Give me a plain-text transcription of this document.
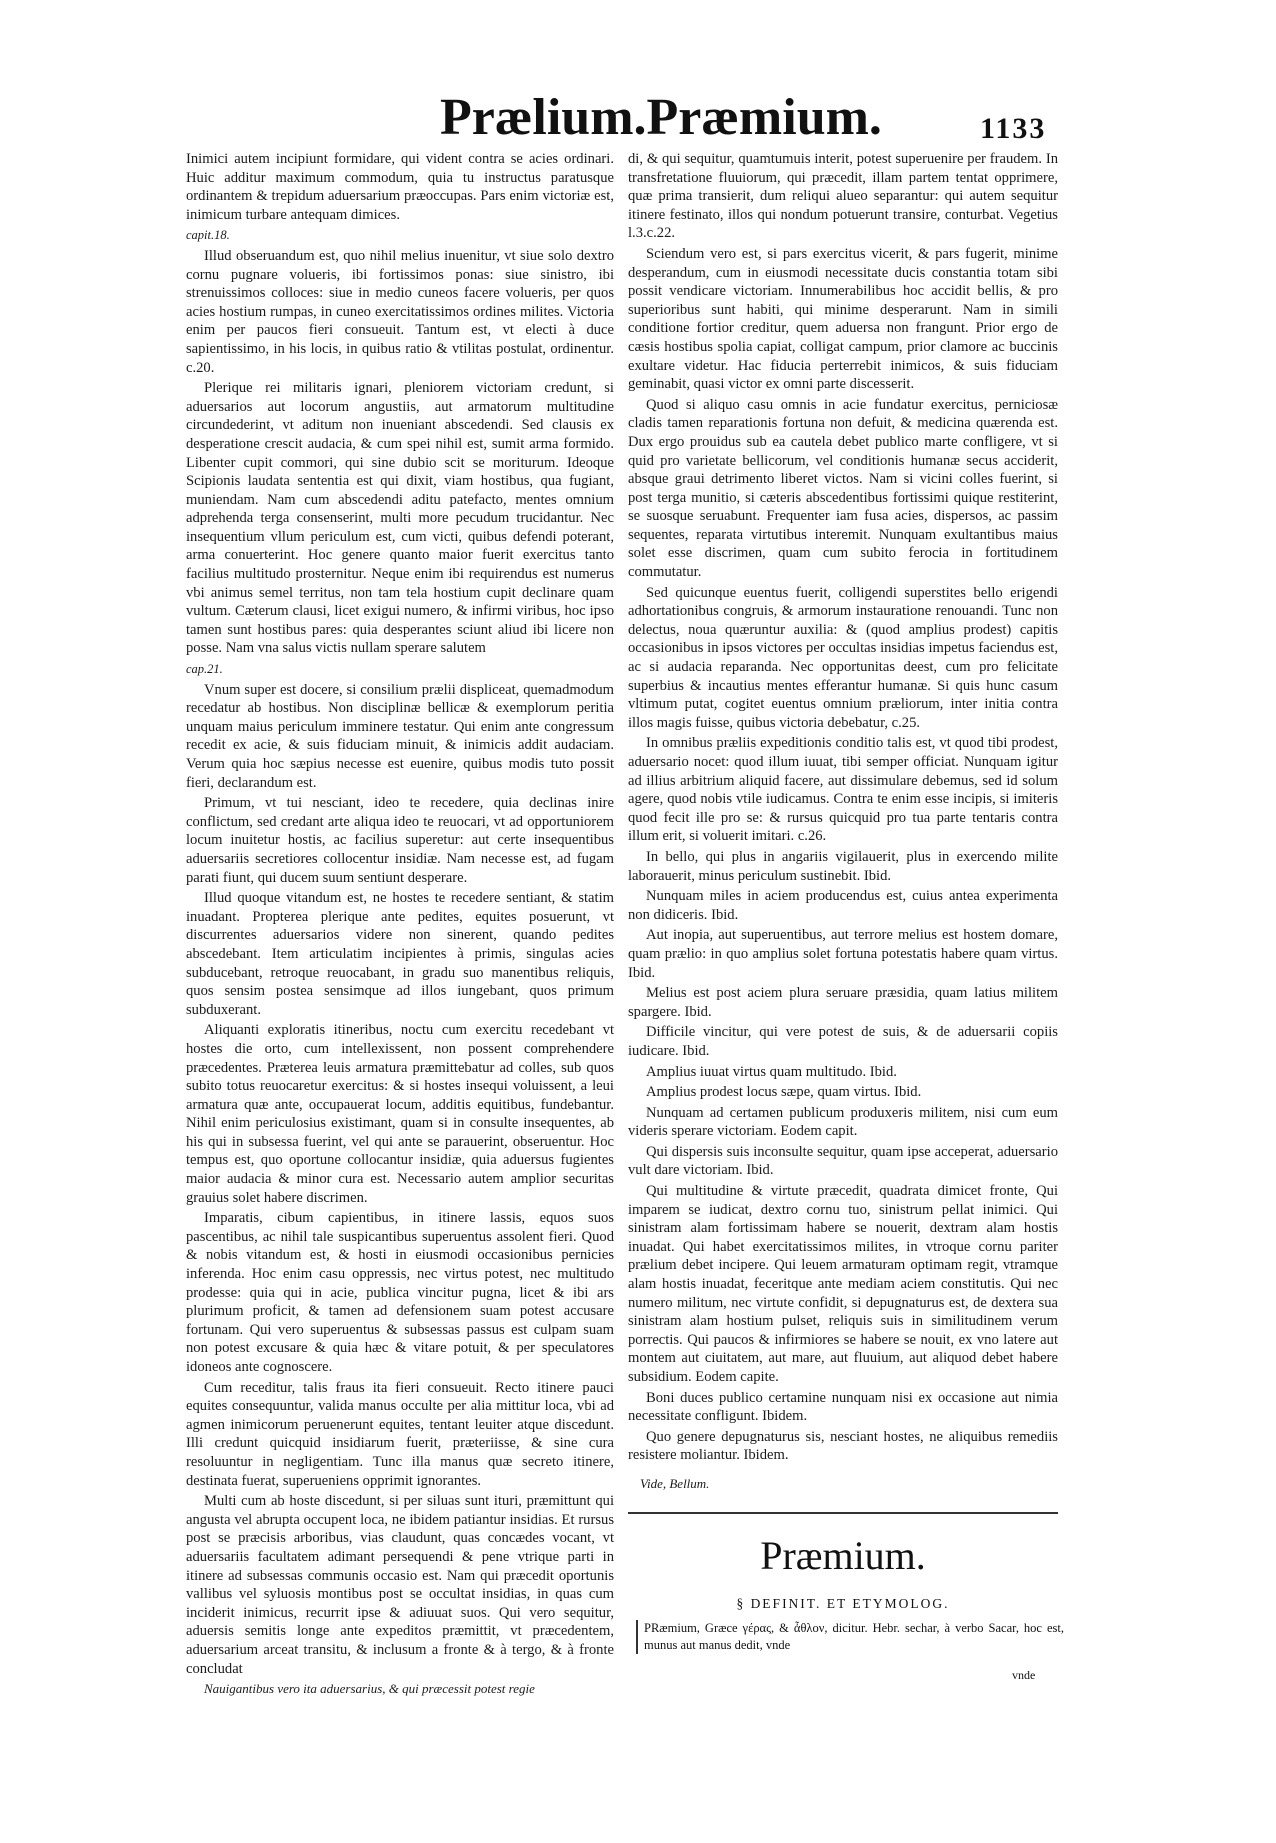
Prælium.Præmium.	1133

Inimici autem incipiunt formidare, qui vident contra se acies ordinari. Huic additur maximum commodum, quia tu instructus paratusque ordinantem & trepidum aduersarium præoccupas. Pars enim victoriæ est, inimicum turbare antequam dimices.

capit.18.

Illud obseruandum est, quo nihil melius inuenitur, vt siue solo dextro cornu pugnare volueris, ibi fortissimos ponas: siue sinistro, ibi strenuissimos colloces: siue in medio cuneos facere volueris, per quos acies hostium rumpas, in cuneo exercitatissimos ordines milites. Victoria enim per paucos fieri consueuit. Tantum est, vt electi à duce sapientissimo, in his locis, in quibus ratio & vtilitas postulat, ordinentur. c.20.

Plerique rei militaris ignari, pleniorem victoriam credunt, si aduersarios aut locorum angustiis, aut armatorum multitudine circundederint, vt aditum non inueniant abscedendi. Sed clausis ex desperatione crescit audacia, & cum spei nihil est, sumit arma formido. Libenter cupit commori, qui sine dubio scit se moriturum. Ideoque Scipionis laudata sententia est qui dixit, viam hostibus, qua fugiant, muniendam. Nam cum abscedendi aditu patefacto, mentes omnium adprehenda terga consenserint, multi more pecudum trucidantur. Nec insequentium vllum periculum est, cum victi, quibus defendi poterant, arma conuerterint. Hoc genere quanto maior fuerit exercitus tanto facilius multitudo prosternitur. Neque enim ibi requirendus est numerus vbi animus semel territus, non tam tela hostium cupit declinare quam vultum. Cæterum clausi, licet exigui numero, & infirmi viribus, hoc ipso tamen sunt hostibus pares: quia desperantes sciunt aliud ibi licere non posse. Nam vna salus victis nullam sperare salutem

cap.21.

Vnum super est docere, si consilium prælii displiceat, quemadmodum recedatur ab hostibus. Non disciplinæ bellicæ & exemplorum peritia unquam maius periculum imminere testatur. Qui enim ante congressum recedit ex acie, & suis fiduciam minuit, & inimicis addit audaciam. Verum quia hoc sæpius necesse est euenire, quibus modis tuto possit fieri, declarandum est.

Primum, vt tui nesciant, ideo te recedere, quia declinas inire conflictum, sed credant arte aliqua ideo te reuocari, vt ad opportuniorem locum inuitetur hostis, ac facilius superetur: aut certe insequentibus aduersariis secretiores collocentur insidiæ. Nam necesse est, ad fugam parati fiunt, qui ducem suum sentiunt desperare.

Illud quoque vitandum est, ne hostes te recedere sentiant, & statim inuadant. Propterea plerique ante pedites, equites posuerunt, vt discurrentes aduersarios videre non sinerent, quando pedites abscedebant. Item articulatim incipientes à primis, singulas acies subducebant, retroque reuocabant, in gradu suo manentibus reliquis, quos sensim postea sensimque ad illos iungebant, quos primum subduxerant.

Aliquanti exploratis itineribus, noctu cum exercitu recedebant vt hostes die orto, cum intellexissent, non possent comprehendere præcedentes. Præterea leuis armatura præmittebatur ad colles, sub quos subito totus reuocaretur exercitus: & si hostes insequi voluissent, a leui armatura quæ ante, occupauerat locum, additis equitibus, fundebantur. Nihil enim periculosius existimant, quam si in consulte insequentes, ab his qui in subsessa fuerint, vel qui ante se parauerint, obseruentur. Hoc tempus est, quo oportune collocantur insidiæ, quia aduersus fugientes maior audacia & minor cura est. Necessario autem amplior securitas grauius solet habere discrimen.

Imparatis, cibum capientibus, in itinere lassis, equos suos pascentibus, ac nihil tale suspicantibus superuentus assolent fieri. Quod & nobis vitandum est, & hosti in eiusmodi occasionibus pernicies inferenda. Hoc enim casu oppressis, nec virtus potest, nec multitudo prodesse: quia qui in acie, publica vincitur pugna, licet & ibi ars plurimum proficit, & tamen ad defensionem suam potest accusare fortunam. Qui vero superuentus & subsessas passus est culpam suam non potest excusare & quia hæc & vitare potuit, & per speculatores idoneos ante cognoscere.

Cum receditur, talis fraus ita fieri consueuit. Recto itinere pauci equites consequuntur, valida manus occulte per alia mittitur loca, vbi ad agmen inimicorum peruenerunt equites, tentant leuiter atque discedunt. Illi credunt quicquid insidiarum fuerit, præteriisse, & sine cura resoluuntur in negligentiam. Tunc illa manus quæ secreto itinere, destinata fuerat, superueniens opprimit ignorantes.

Multi cum ab hoste discedunt, si per siluas sunt ituri, præmittunt qui angusta vel abrupta occupent loca, ne ibidem patiantur insidias. Et rursus post se præcisis arboribus, vias claudunt, quas concædes vocant, vt aduersariis facultatem adimant persequendi & pene vtrique parti in itinere ad subsessas communis occasio est. Nam qui præcedit oportunis vallibus vel syluosis montibus post se occultat insidias, in quas cum inciderit inimicus, recurrit ipse & adiuuat suos. Qui vero sequitur, aduersis semitis longe ante expeditos præmittit, vt præcedentem, aduersarium arceat transitu, & inclusum a fronte & à tergo, & à fronte concludat

Nauigantibus vero ita aduersarius, & qui præcessit potest regie

di, & qui sequitur, quamtumuis interit, potest superuenire per fraudem. In transfretatione fluuiorum, qui præcedit, illam partem tentat opprimere, quæ prima transierit, dum reliqui alueo separantur: qui autem sequitur itinere festinato, illos qui nondum potuerunt transire, conturbat. Vegetius l.3.c.22.

Sciendum vero est, si pars exercitus vicerit, & pars fugerit, minime desperandum, cum in eiusmodi necessitate ducis constantia totam sibi possit vendicare victoriam. Innumerabilibus hoc accidit bellis, & pro superioribus sunt habiti, qui minime desperarunt. Nam in simili conditione fortior creditur, quem aduersa non frangunt. Prior ergo de cæsis hostibus spolia capiat, colligat campum, prior clamore ac buccinis exultare videtur. Hac fiducia perterrebit inimicos, & suis fiduciam geminabit, quasi victor ex omni parte discesserit.

Quod si aliquo casu omnis in acie fundatur exercitus, perniciosæ cladis tamen reparationis fortuna non defuit, & medicina quærenda est. Dux ergo prouidus sub ea cautela debet publico marte confligere, vt si quid pro varietate bellicorum, vel conditionis humanæ secus acciderit, absque graui detrimento liberet victos. Nam si vicini colles fuerint, si post terga munitio, si cæteris abscedentibus fortissimi quique restiterint, se suosque seruabunt. Frequenter iam fusa acies, dispersos, ac passim sequentes, reparata virtutibus interemit. Nunquam exultantibus maius solet esse discrimen, quam cum subito ferocia in fortitudinem commutatur.

Sed quicunque euentus fuerit, colligendi superstites bello erigendi adhortationibus congruis, & armorum instauratione renouandi. Tunc non delectus, noua quæruntur auxilia: & (quod amplius prodest) capitis occasionibus in ipsos victores per occultas insidias impetus faciendus est, ac si audacia reparanda. Nec opportunitas deest, cum pro felicitate superbius & incautius mentes efferantur humanæ. Si quis hunc casum vltimum putat, cogitet euentus omnium præliorum, inter initia contra illos magis fuisse, quibus victoria debebatur, c.25.

In omnibus præliis expeditionis conditio talis est, vt quod tibi prodest, aduersario nocet: quod illum iuuat, tibi semper officiat. Nunquam igitur ad illius arbitrium aliquid facere, aut dissimulare debemus, sed id solum agere, quod nobis vtile iudicamus. Contra te enim esse incipis, si imiteris quod fecit ille pro se: & rursus quicquid pro tua parte tentaris contra illum erit, si voluerit imitari. c.26.

In bello, qui plus in angariis vigilauerit, plus in exercendo milite laborauerit, minus periculum sustinebit. Ibid.

Nunquam miles in aciem producendus est, cuius antea experimenta non didiceris. Ibid.

Aut inopia, aut superuentibus, aut terrore melius est hostem domare, quam prælio: in quo amplius solet fortuna potestatis habere quam virtus. Ibid.

Melius est post aciem plura seruare præsidia, quam latius militem spargere. Ibid.

Difficile vincitur, qui vere potest de suis, & de aduersarii copiis iudicare. Ibid.

Amplius iuuat virtus quam multitudo. Ibid.

Amplius prodest locus sæpe, quam virtus. Ibid.

Nunquam ad certamen publicum produxeris militem, nisi cum eum videris sperare victoriam. Eodem capit.

Qui dispersis suis inconsulte sequitur, quam ipse acceperat, aduersario vult dare victoriam. Ibid.

Qui multitudine & virtute præcedit, quadrata dimicet fronte, Qui imparem se iudicat, dextro cornu tuo, sinistrum pellat inimici. Qui sinistram alam fortissimam habere se nouerit, dextram alam hostis inuadat. Qui habet exercitatissimos milites, in vtroque cornu pariter prælium debet incipere. Qui leuem armaturam optimam regit, vtramque alam hostis inuadat, feceritque ante mediam aciem constitutis. Qui nec numero militum, nec virtute confidit, si depugnaturus est, de dextera sua sinistram alam hostium pulset, reliquis suis in similitudinem verum porrectis. Qui paucos & infirmiores se habere se nouit, ex vno latere aut montem aut ciuitatem, aut mare, aut fluuium, aut aliquod debet habere subsidium. Eodem capite.

Boni duces publico certamine nunquam nisi ex occasione aut nimia necessitate confligunt. Ibidem.

Quo genere depugnaturus sis, nesciant hostes, ne aliquibus remediis resistere moliantur. Ibidem.

Vide, Bellum.

Præmium.
§ DEFINIT. ET ETYMOLOG.
PRæmium, Græce γέρας, & ἆθλον, dicitur. Hebr. sechar, à verbo Sacar, hoc est, munus aut manus dedit, vnde
vnde
